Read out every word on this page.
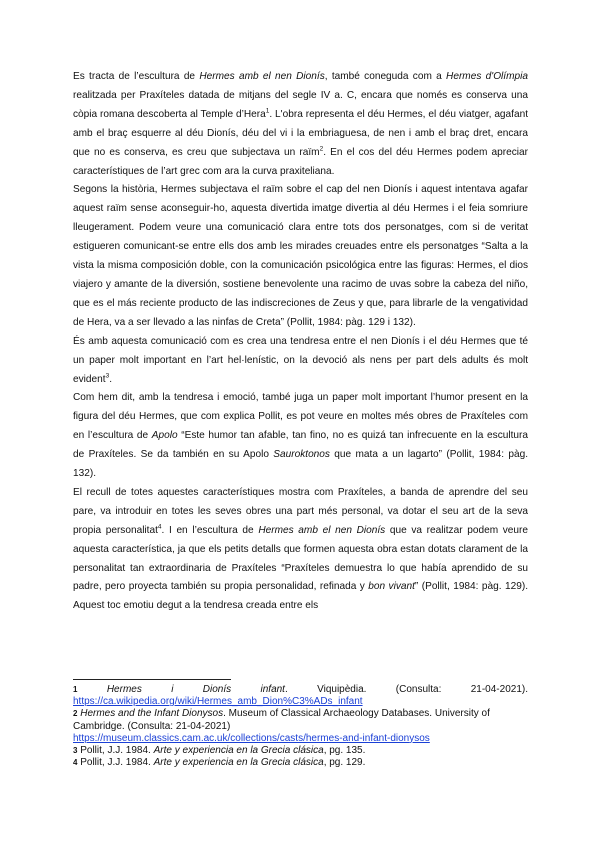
Es tracta de l’escultura de Hermes amb el nen Dionís, també coneguda com a Hermes d'Olímpia realitzada per Praxíteles datada de mitjans del segle IV a. C, encara que només es conserva una còpia romana descoberta al Temple d’Hera$^1$. L'obra representa el déu Hermes, el déu viatger, agafant amb el braç esquerre al déu Dionís, déu del vi i la embriaguesa, de nen i amb el braç dret, encara que no es conserva, es creu que subjectava un raïm$^2$. En el cos del déu Hermes podem apreciar característiques de l’art grec com ara la curva praxiteliana.

Segons la història, Hermes subjectava el raïm sobre el cap del nen Dionís i aquest intentava agafar aquest raïm sense aconseguir-ho, aquesta divertida imatge divertia al déu Hermes i el feia somriure lleugerament. Podem veure una comunicació clara entre tots dos personatges, com si de veritat estigueren comunicant-se entre ells dos amb les mirades creuades entre els personatges “Salta a la vista la misma composición doble, con la comunicación psicológica entre las figuras: Hermes, el dios viajero y amante de la diversión, sostiene benevolente una racimo de uvas sobre la cabeza del niño, que es el más reciente producto de las indiscreciones de Zeus y que, para librarle de la vengatividad de Hera, va a ser llevado a las ninfas de Creta” (Pollit, 1984: pàg. 129 i 132).

És amb aquesta comunicació com es crea una tendresa entre el nen Dionís i el déu Hermes que té un paper molt important en l’art hel·lenístic, on la devoció als nens per part dels adults és molt evident$^3$.

Com hem dit, amb la tendresa i emoció, també juga un paper molt important l’humor present en la figura del déu Hermes, que com explica Pollit, es pot veure en moltes més obres de Praxíteles com en l’escultura de Apolo “Este humor tan afable, tan fino, no es quizá tan infrecuente en la escultura de Praxíteles. Se da también en su Apolo Sauroktonos que mata a un lagarto” (Pollit, 1984: pàg. 132).

El recull de totes aquestes característiques mostra com Praxíteles, a banda de aprendre del seu pare, va introduir en totes les seves obres una part més personal, va dotar el seu art de la seva propia personalitat$^4$. I en l’escultura de Hermes amb el nen Dionís que va realitzar podem veure aquesta característica, ja que els petits detalls que formen aquesta obra estan dotats clarament de la personalitat tan extraordinaria de Praxíteles “Praxíteles demuestra lo que había aprendido de su padre, pero proyecta también su propia personalidad, refinada y bon vivant” (Pollit, 1984: pàg. 129). Aquest toc emotiu degut a la tendresa creada entre els

1	Hermes i Dionís infant. Viquipèdia. (Consulta: 21-04-2021).

https://ca.wikipedia.org/wiki/Hermes_amb_Dion%C3%ADs_infant

2 Hermes and the Infant Dionysos. Museum of Classical Archaeology Databases. University of Cambridge. (Consulta: 21-04-2021)

https://museum.classics.cam.ac.uk/collections/casts/hermes-and-infant-dionysos

3 Pollit, J.J. 1984. Arte y experiencia en la Grecia clásica, pg. 135.

4 Pollit, J.J. 1984. Arte y experiencia en la Grecia clásica, pg. 129.
